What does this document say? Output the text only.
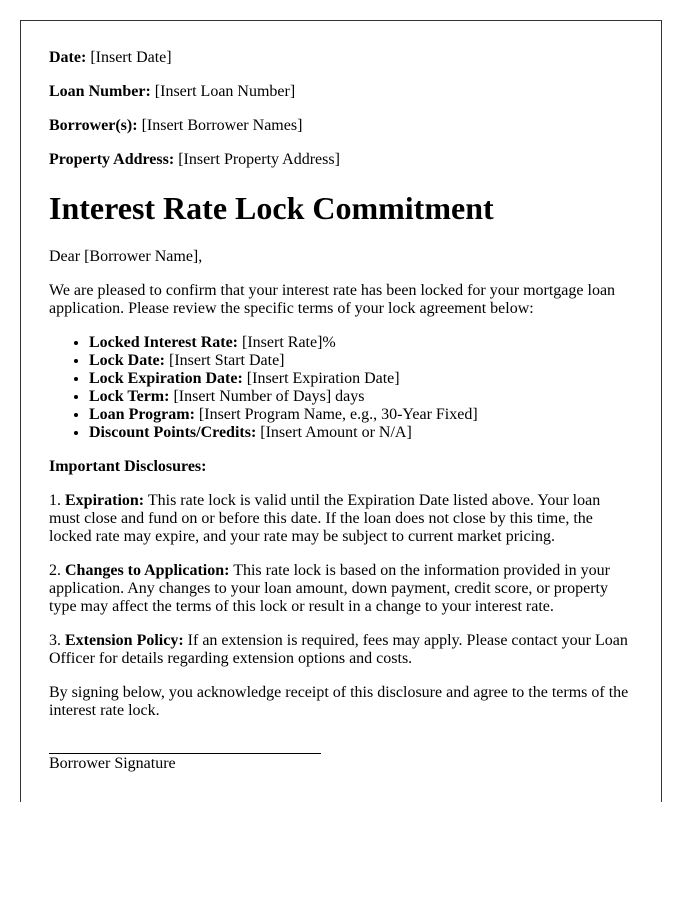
Date: [Insert Date]

Loan Number: [Insert Loan Number]

Borrower(s): [Insert Borrower Names]

Property Address: [Insert Property Address]

Interest Rate Lock Commitment

Dear [Borrower Name],

We are pleased to confirm that your interest rate has been locked for your mortgage loan application. Please review the specific terms of your lock agreement below:

• Locked Interest Rate: [Insert Rate]%
• Lock Date: [Insert Start Date]
• Lock Expiration Date: [Insert Expiration Date]
• Lock Term: [Insert Number of Days] days
• Loan Program: [Insert Program Name, e.g., 30-Year Fixed]
• Discount Points/Credits: [Insert Amount or N/A]

Important Disclosures:

1. Expiration: This rate lock is valid until the Expiration Date listed above. Your loan must close and fund on or before this date. If the loan does not close by this time, the locked rate may expire, and your rate may be subject to current market pricing.

2. Changes to Application: This rate lock is based on the information provided in your application. Any changes to your loan amount, down payment, credit score, or property type may affect the terms of this lock or result in a change to your interest rate.

3. Extension Policy: If an extension is required, fees may apply. Please contact your Loan Officer for details regarding extension options and costs.

By signing below, you acknowledge receipt of this disclosure and agree to the terms of the interest rate lock.

Borrower Signature
